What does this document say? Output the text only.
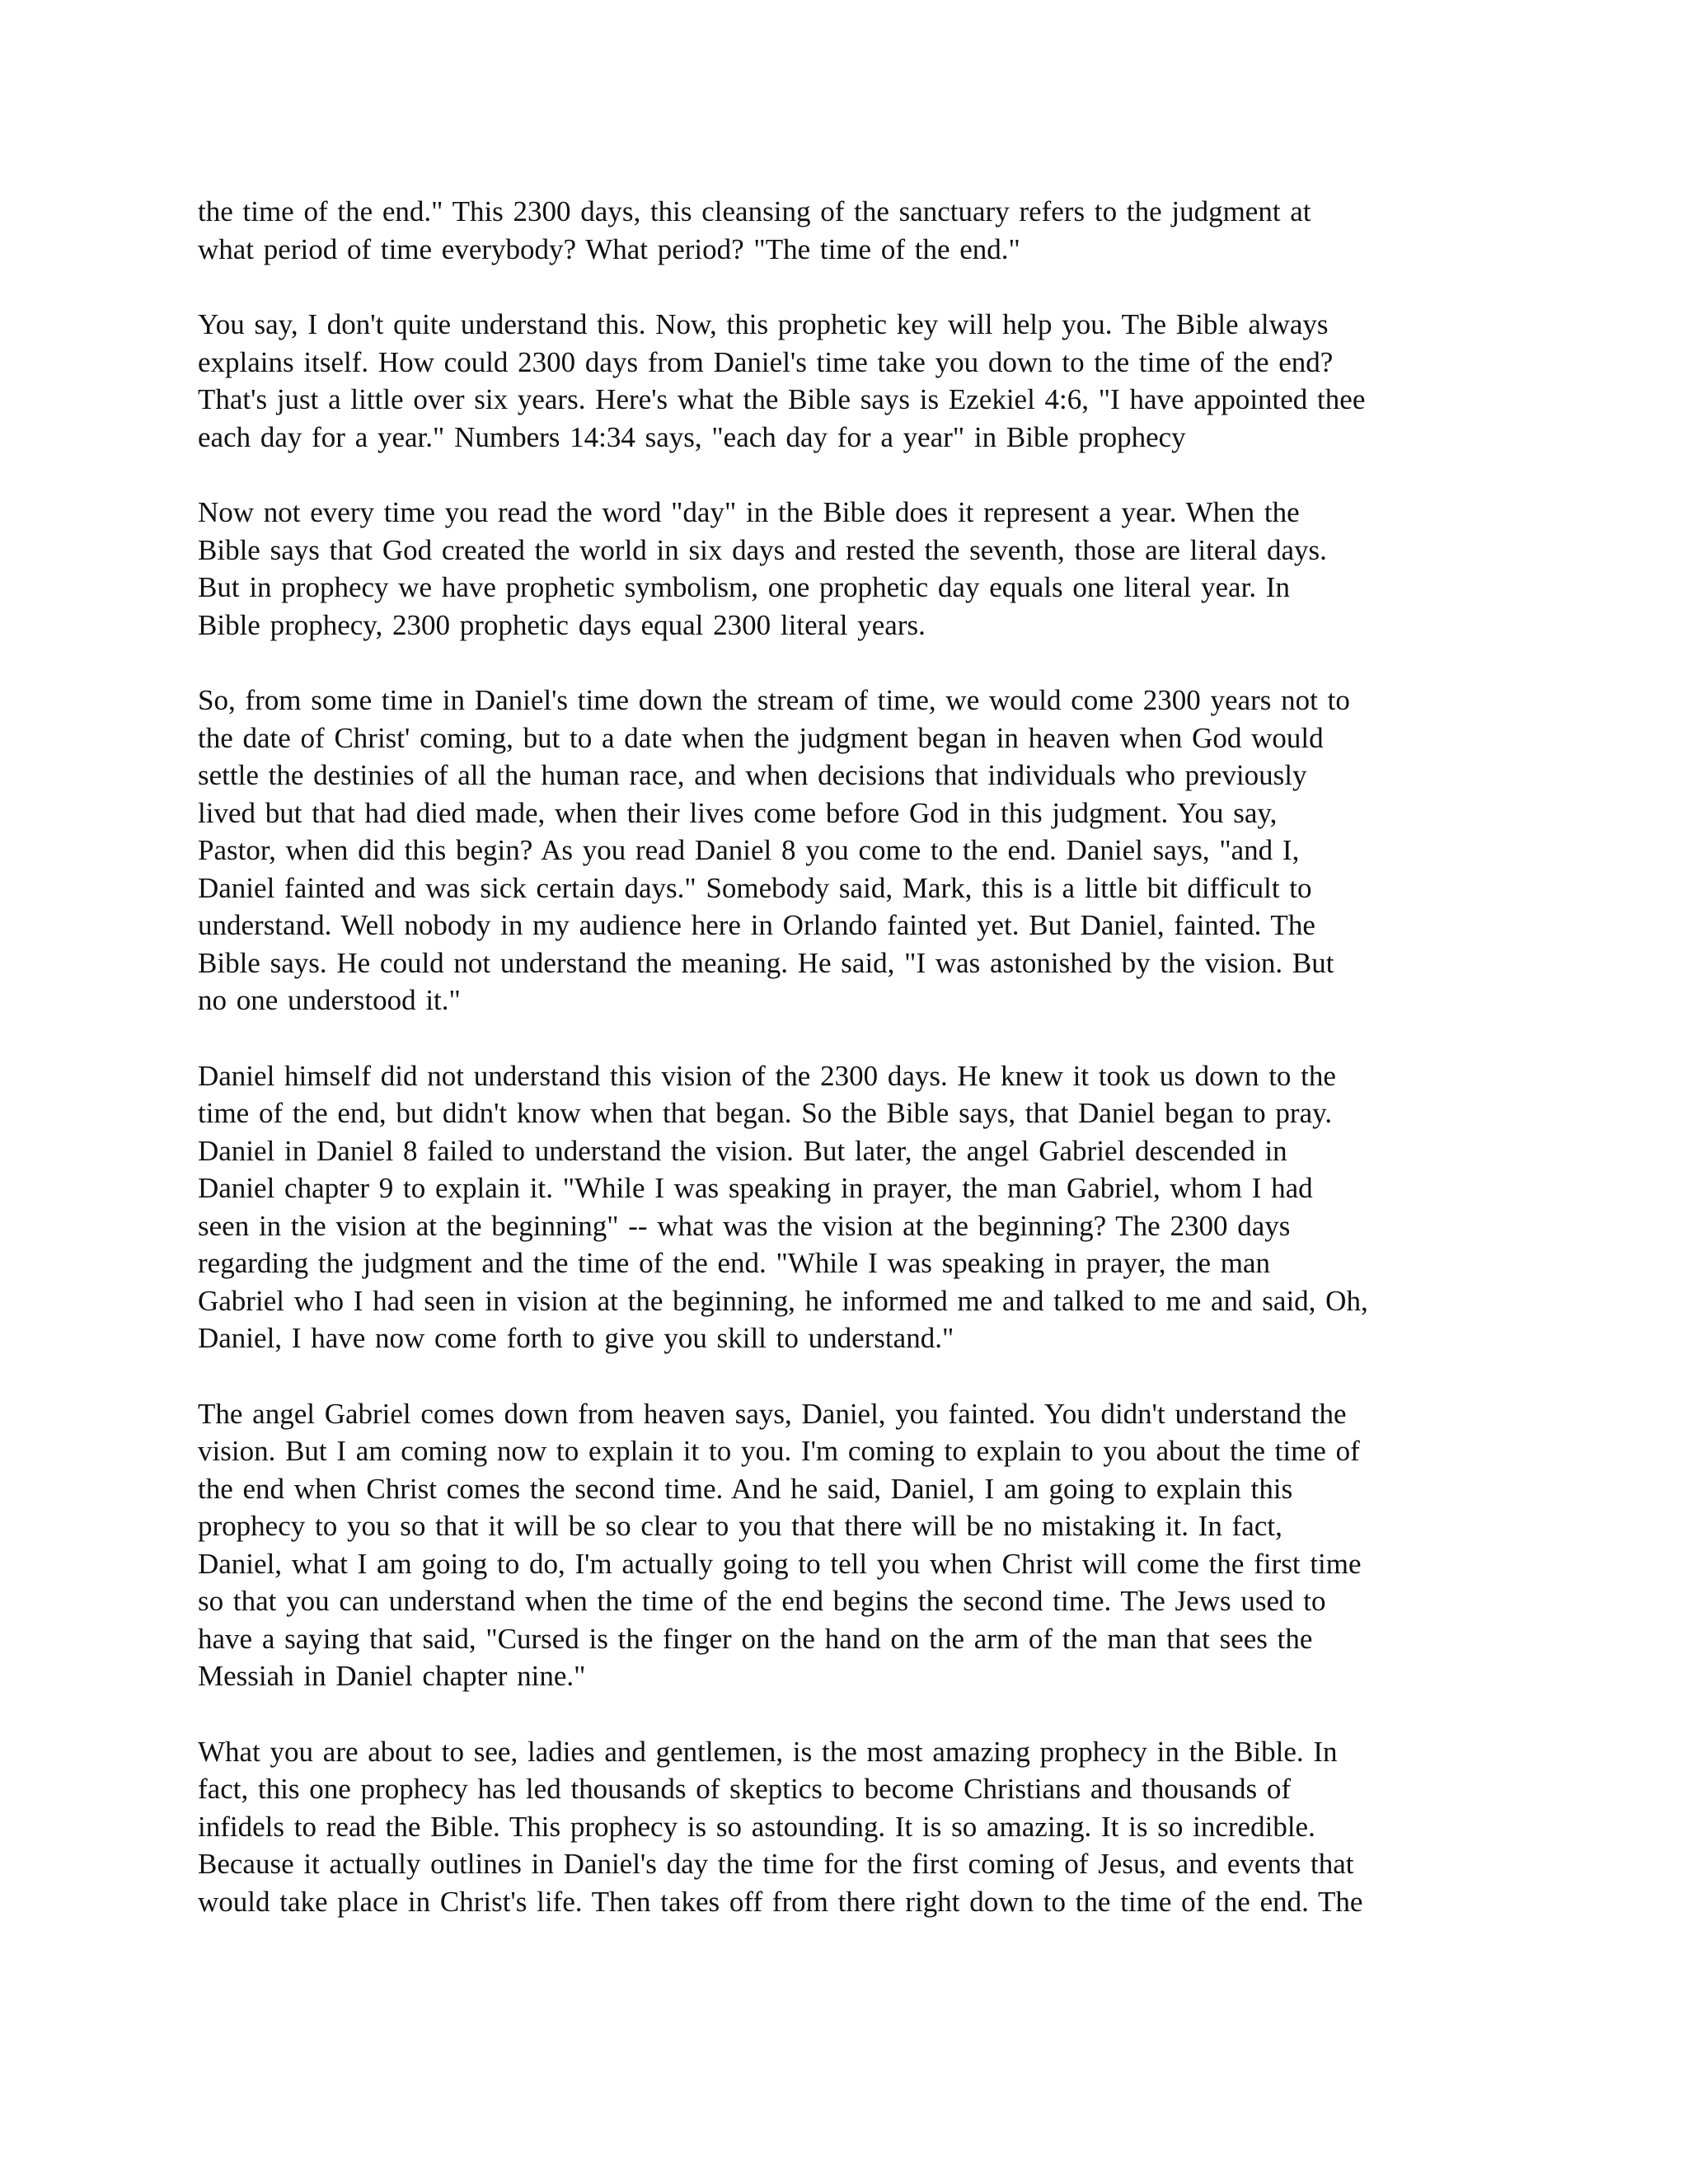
the time of the end." This 2300 days, this cleansing of the sanctuary refers to the judgment at
what period of time everybody? What period? "The time of the end."

You say, I don't quite understand this. Now, this prophetic key will help you. The Bible always
explains itself. How could 2300 days from Daniel's time take you down to the time of the end?
That's just a little over six years. Here's what the Bible says is Ezekiel 4:6, "I have appointed thee
each day for a year." Numbers 14:34 says, "each day for a year" in Bible prophecy

Now not every time you read the word "day" in the Bible does it represent a year. When the
Bible says that God created the world in six days and rested the seventh, those are literal days.
But in prophecy we have prophetic symbolism, one prophetic day equals one literal year. In
Bible prophecy, 2300 prophetic days equal 2300 literal years.

So, from some time in Daniel's time down the stream of time, we would come 2300 years not to
the date of Christ' coming, but to a date when the judgment began in heaven when God would
settle the destinies of all the human race, and when decisions that individuals who previously
lived but that had died made, when their lives come before God in this judgment. You say,
Pastor, when did this begin? As you read Daniel 8 you come to the end. Daniel says, "and I,
Daniel fainted and was sick certain days." Somebody said, Mark, this is a little bit difficult to
understand. Well nobody in my audience here in Orlando fainted yet. But Daniel, fainted. The
Bible says. He could not understand the meaning. He said, "I was astonished by the vision. But
no one understood it."

Daniel himself did not understand this vision of the 2300 days. He knew it took us down to the
time of the end, but didn't know when that began. So the Bible says, that Daniel began to pray.
Daniel in Daniel 8 failed to understand the vision. But later, the angel Gabriel descended in
Daniel chapter 9 to explain it. "While I was speaking in prayer, the man Gabriel, whom I had
seen in the vision at the beginning" -- what was the vision at the beginning? The 2300 days
regarding the judgment and the time of the end. "While I was speaking in prayer, the man
Gabriel who I had seen in vision at the beginning, he informed me and talked to me and said, Oh,
Daniel, I have now come forth to give you skill to understand."

The angel Gabriel comes down from heaven says, Daniel, you fainted. You didn't understand the
vision. But I am coming now to explain it to you. I'm coming to explain to you about the time of
the end when Christ comes the second time. And he said, Daniel, I am going to explain this
prophecy to you so that it will be so clear to you that there will be no mistaking it. In fact,
Daniel, what I am going to do, I'm actually going to tell you when Christ will come the first time
so that you can understand when the time of the end begins the second time. The Jews used to
have a saying that said, "Cursed is the finger on the hand on the arm of the man that sees the
Messiah in Daniel chapter nine."

What you are about to see, ladies and gentlemen, is the most amazing prophecy in the Bible. In
fact, this one prophecy has led thousands of skeptics to become Christians and thousands of
infidels to read the Bible. This prophecy is so astounding. It is so amazing. It is so incredible.
Because it actually outlines in Daniel's day the time for the first coming of Jesus, and events that
would take place in Christ's life. Then takes off from there right down to the time of the end. The
